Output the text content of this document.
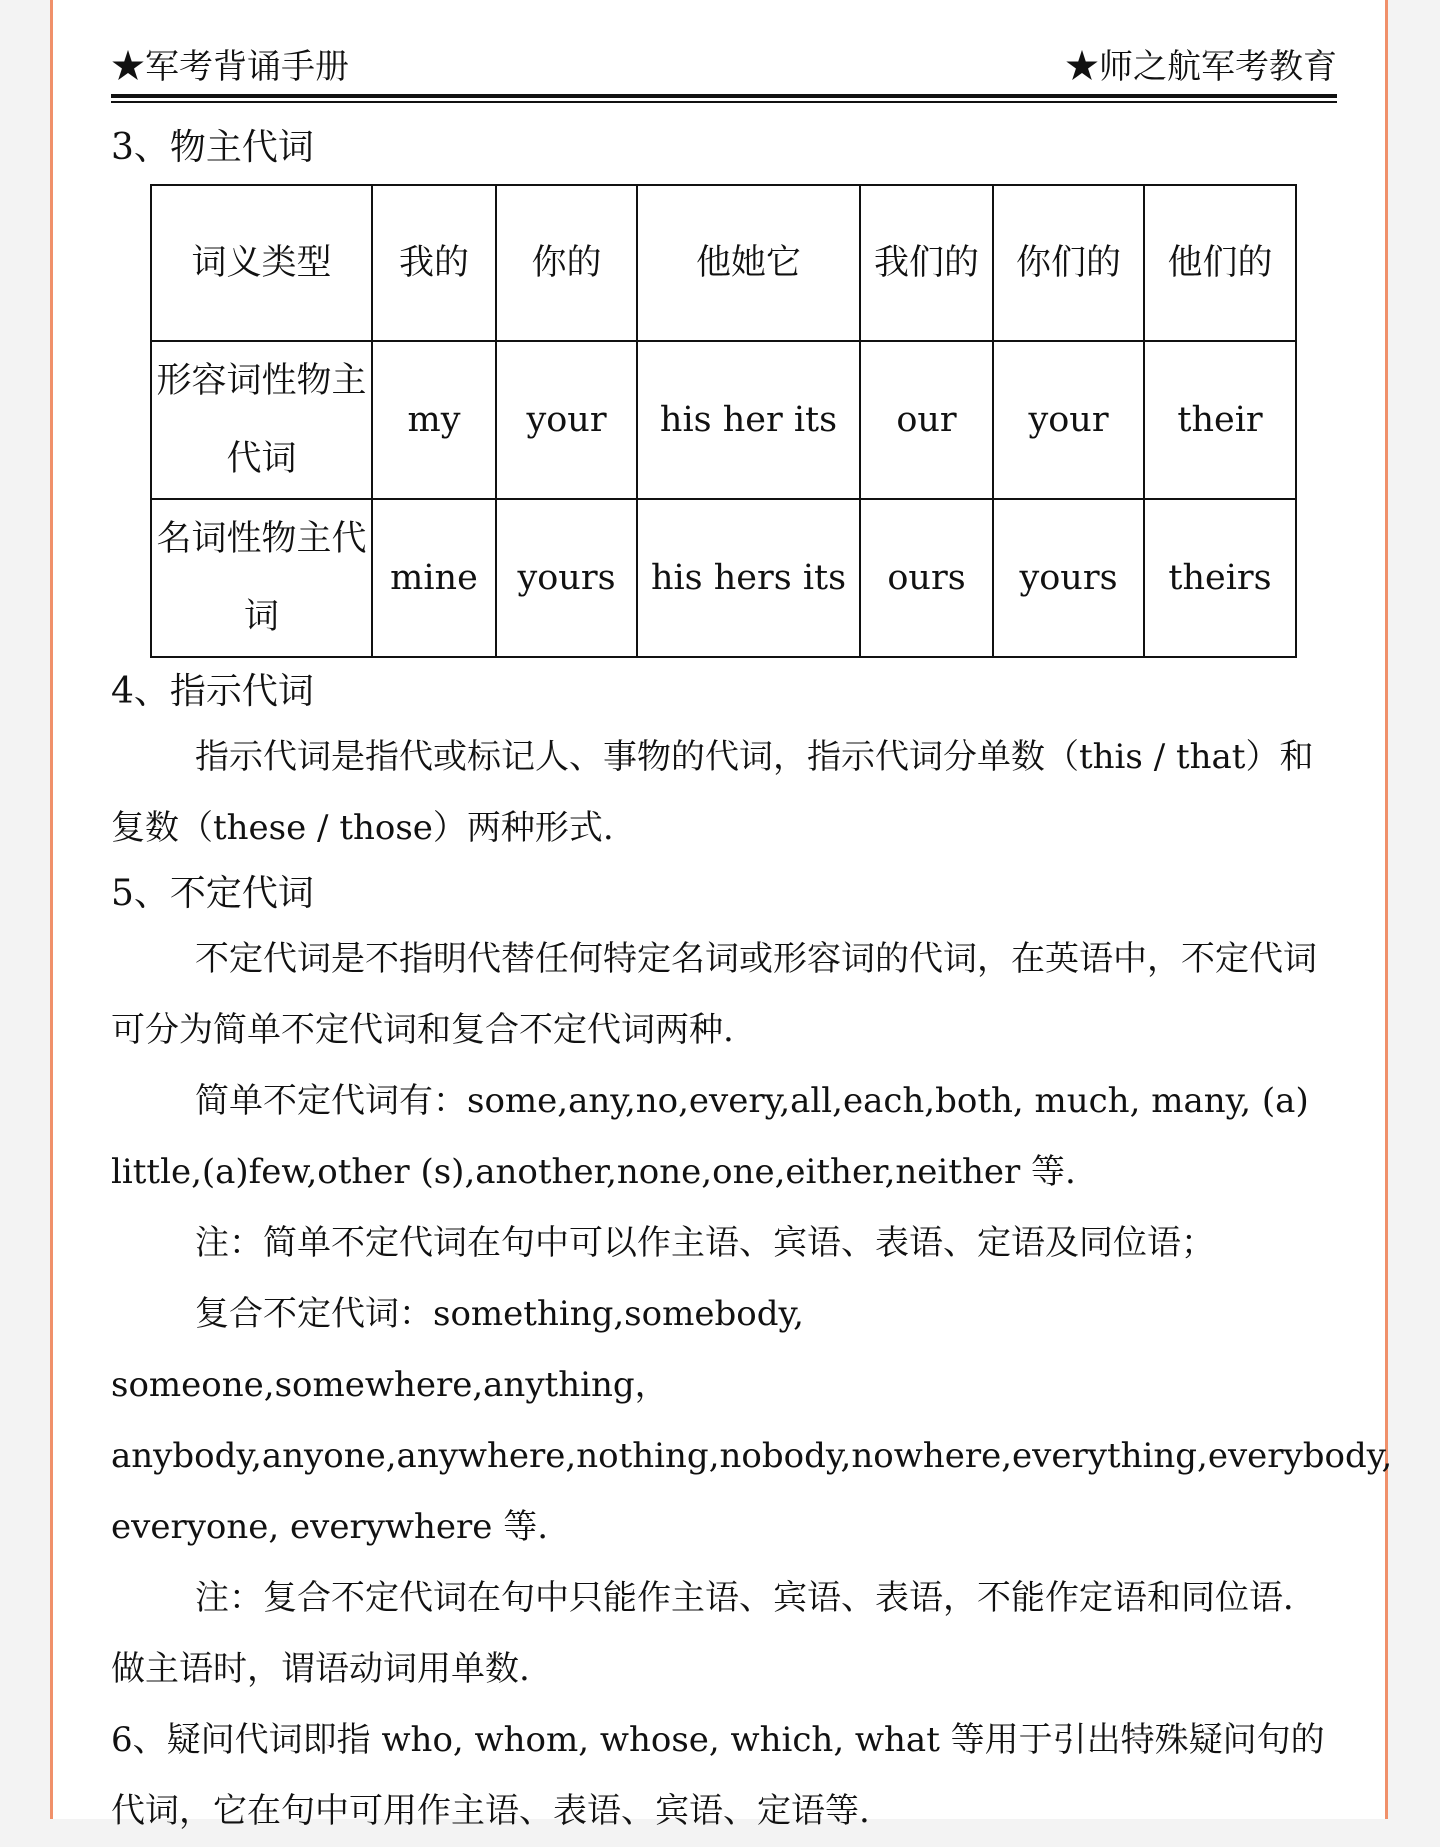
★军考背诵手册	★师之航军考教育
3、物主代词
词义类型	我的	你的	他她它	我们的	你们的	他们的
形容词性物主代词	my	your	his her its	our	your	their
名词性物主代词	mine	yours	his hers its	ours	yours	theirs
4、指示代词

指示代词是指代或标记人、事物的代词，指示代词分单数（this / that）和复数（these / those）两种形式.

5、不定代词

不定代词是不指明代替任何特定名词或形容词的代词，在英语中，不定代词可分为简单不定代词和复合不定代词两种.

简单不定代词有：some,any,no,every,all,each,both, much, many, (a) little,(a)few,other (s),another,none,one,either,neither 等.

注：简单不定代词在句中可以作主语、宾语、表语、定语及同位语；

复合不定代词：something,somebody, someone,somewhere,anything，anybody,anyone,anywhere,nothing,nobody,nowhere,everything,everybody, everyone, everywhere 等.

注：复合不定代词在句中只能作主语、宾语、表语，不能作定语和同位语．做主语时，谓语动词用单数.

6、疑问代词即指 who, whom, whose, which, what 等用于引出特殊疑问句的代词，它在句中可用作主语、表语、宾语、定语等.
